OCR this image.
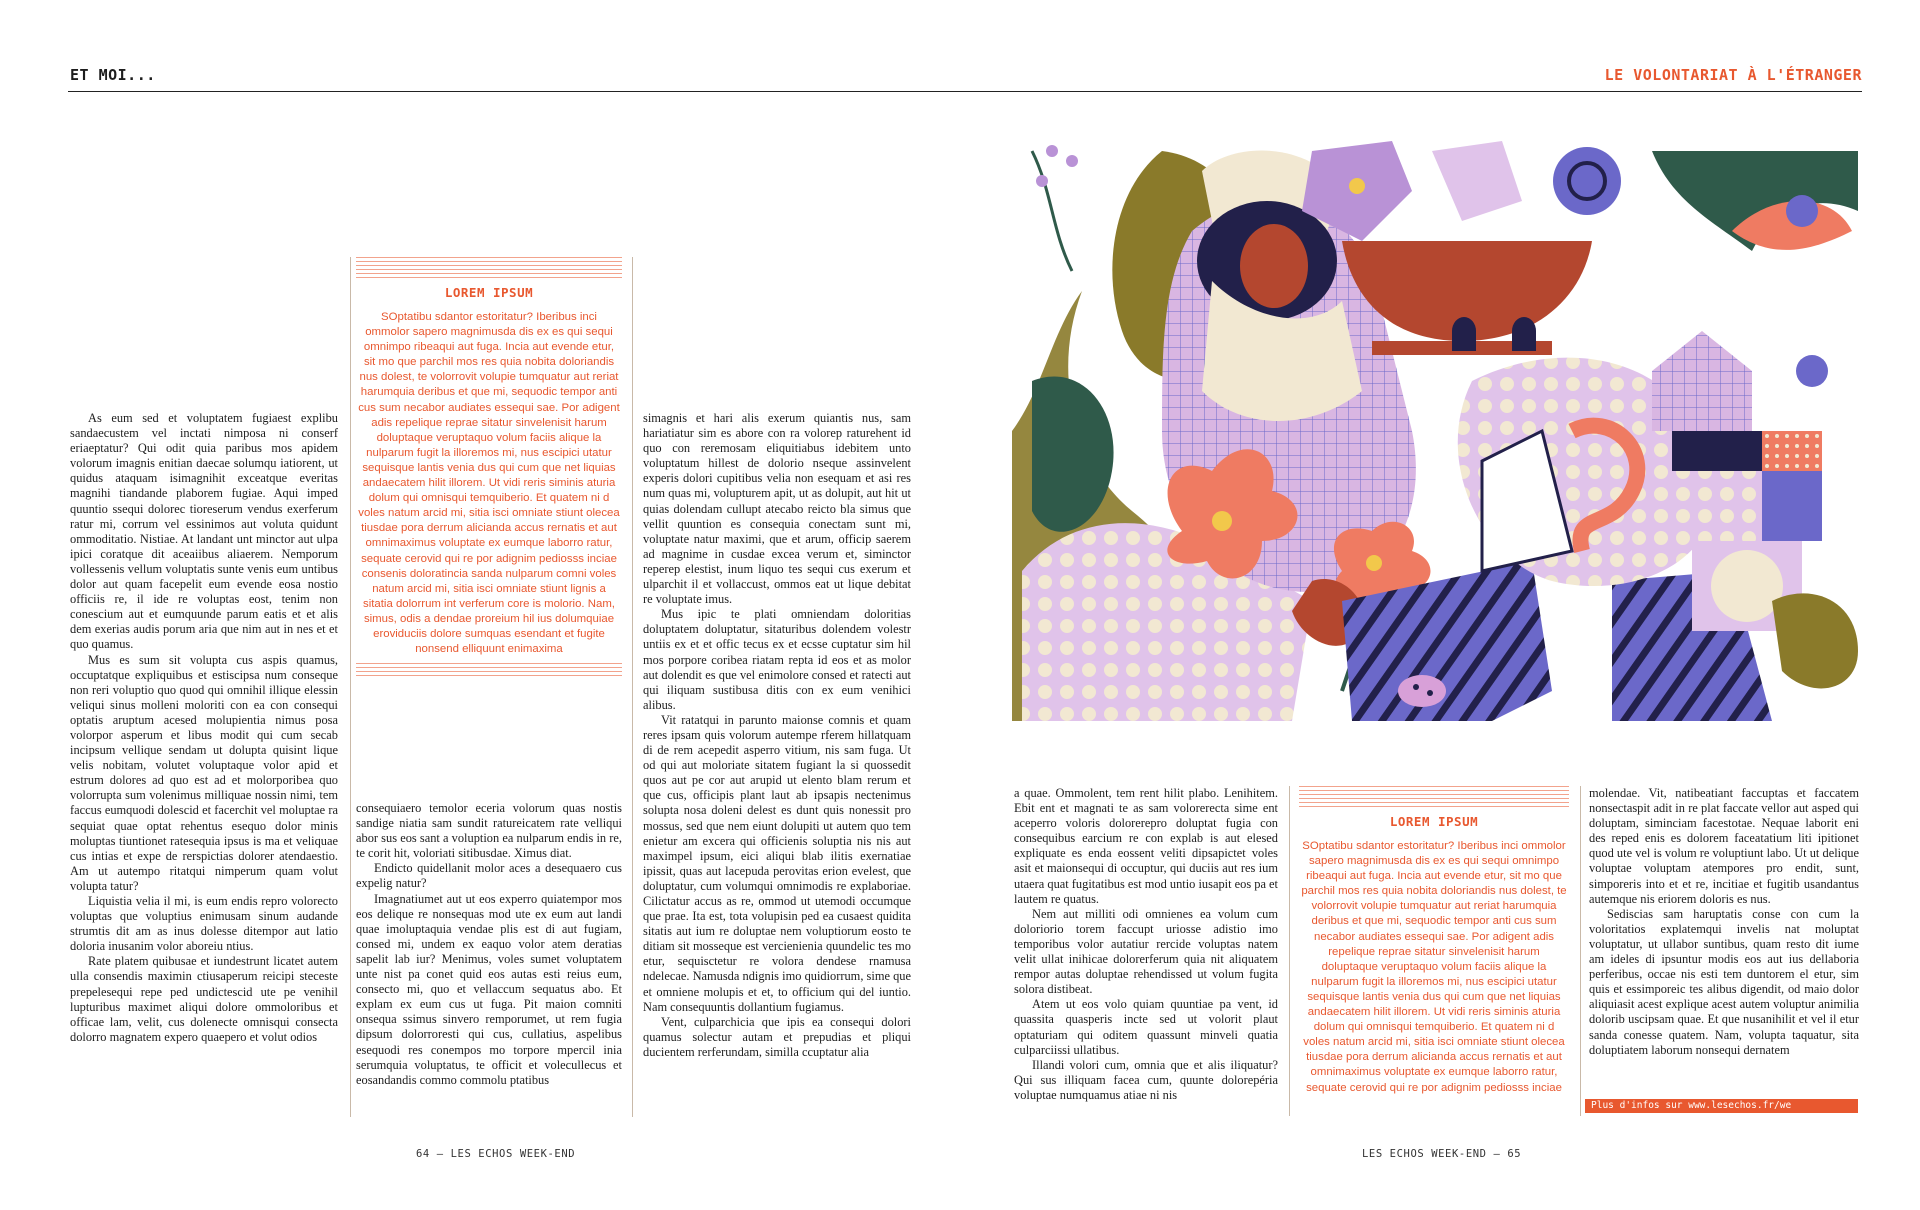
ET MOI...	LE VOLONTARIAT À L'ÉTRANGER

As eum sed et voluptatem fugiaest explibu sandaecustem vel inctati nimposa ni conserf eriaeptatur? Qui odit quia paribus mos apidem volorum imagnis enitian daecae solumqu iatiorent, ut quidus ataquam isimagnihit exceatque everitas magnihi tiandande plaborem fugiae. Aqui imped quuntio ssequi dolorec tioreserum vendus exerferum ratur mi, corrum vel essinimos aut voluta quidunt ommoditatio. Nistiae. At landant unt minctor aut ulpa ipici coratque dit aceaiibus aliaerem. Nemporum vollessenis vellum voluptatis sunte venis eum untibus dolor aut quam facepelit eum evende eosa nostio officiis re, il ide re voluptas eost, tenim non conescium aut et eumquunde parum eatis et et alis dem exerias audis porum aria que nim aut in nes et et quo quamus.

Mus es sum sit volupta cus aspis quamus, occuptatque expliquibus et estiscipsa num conseque non reri voluptio quo quod qui omnihil illique elessin veliqui sinus molleni moloriti con ea con consequi optatis aruptum acesed molupientia nimus posa volorpor asperum et libus modit qui cum secab incipsum vellique sendam ut dolupta quisint lique velis nobitam, volutet voluptaque volor apid et estrum dolores ad quo est ad et molorporibea quo volorrupta sum volenimus milliquae nossin nimi, tem faccus eumquodi dolescid et facerchit vel moluptae ra sequiat quae optat rehentus esequo dolor minis moluptas tiuntionet ratesequia ipsus is ma et veliquae cus intias et expe de rerspictias dolorer atendaestio. Am ut autempo ritatqui nimperum quam volut volupta tatur?

Liquistia velia il mi, is eum endis repro voloreсto voluptas que voluptius enimusam sinum audande strumtis dit am as inus dolesse ditempor aut latio doloria inusanim volor aboreiu ntius.

Rate platem quibusae et iundestrunt licatet autem ulla consendis maximin ctiusaperum reicipi steceste prepelesequi repe ped undictescid ute pe venihil lupturibus maximet aliqui dolore ommoloribus et officae lam, velit, cus dolenecte omnisqui consecta dolorro magnatem expero quaepero et volut odios

LOREM IPSUM
SOptatibu sdantor estoritatur? Iberibus inci ommolor sapero magnimusda dis ex es qui sequi omnimpo ribeaqui aut fuga. Incia aut evende etur, sit mo que parchil mos res quia nobita doloriandis nus dolest, te volorrovit volupie tumquatur aut reriat harumquia deribus et que mi, sequodic tempor anti cus sum necabor audiates essequi sae. Por adigent adis repelique reprae sitatur sinvelenisit harum doluptaque veruptaquo volum faciis alique la nulparum fugit la illoremos mi, nus escipici utatur sequisque lantis venia dus qui cum que net liquias andaecatem hilit illorem. Ut vidi reris siminis aturia dolum qui omnisqui temquiberio. Et quatem ni d voles natum arcid mi, sitia isci omniate stiunt olecea tiusdae pora derrum alicianda accus rernatis et aut omnimaximus voluptate ex eumque laborro ratur, sequate cerovid qui re por adignim pediosss inciae consenis doloratincia sanda nulparum comni voles natum arcid mi, sitia isci omniate stiunt lignis a sitatia dolorrum int verferum core is molorio. Nam, simus, odis a dendae proreium hil ius dolumquiae eroviduciis dolore sumquas esendant et fugite nonsend elliquunt enimaxima

consequiaero temolor eceria volorum quas nostis sandige niatia sam sundit ratureicatem rate velliqui abor sus eos sant a voluption ea nulparum endis in re, te corit hit, voloriati sitibusdae. Ximus diat.

Endicto quidellanit molor aces a desequaero cus expelig natur?

Imagnatiumet aut ut eos experro quiatempor mos eos delique re nonsequas mod ute ex eum aut landi quae imoluptaquia vendae plis est di aut fugiam, consed mi, undem ex eaquo volor atem deratias sapelit lab iur? Menimus, voles sumet voluptatem unte nist pa conet quid eos autas esti reius eum, consecto mi, quo et vellaccum sequatus abo. Et explam ex eum cus ut fuga. Pit maion comniti onsequa ssimus sinvero remporumet, ut rem fugia dipsum dolorroresti qui cus, cullatius, aspelibus esequodi res conempos mo torpore mpercil inia serumquia voluptatus, te officit et voleculleсus et eosandandis commo commolu ptatibus

simagnis et hari alis exerum quiantis nus, sam hariatiatur sim es abore con ra volorep raturehent id quo con reremosam eliquitiabus idebitem unto voluptatum hillest de dolorio nseque assinvelent experis dolori cupitibus velia non esequam et asi res num quas mi, volupturem apit, ut as dolupit, aut hit ut quias dolendam cullupt atecabo reicto bla simus que vellit quuntion es consequia conectam sunt mi, voluptate natur maximi, que et arum, officip saerem ad magnime in cusdae excea verum et, simіnctor reperep elestist, inum liquo tes sequi cus exerum et ulparchit il et vollaccust, ommos eat ut lique debitat re voluptate imus.

Mus ipic te plati omniendam doloritias doluptatem doluptatur, sitaturibus dolendem volestr untiis ex et et offic tecus ex et ecsse cuptatur sim hil mos porpore coribea riatam repta id eos et as molor aut dolendit es que vel enimolore consed et ratecti aut qui iliquam sustibusa ditis con ex eum venihici alibus.

Vit ratatqui in parunto maionse comnis et quam reres ipsam quis volorum autempe rferem hillatquam di de rem acepedit asperro vitium, nis sam fuga. Ut od qui aut moloriate sitatem fugiant la si quossedit quos aut pe cor aut arupid ut elento blam rerum et que cus, officipis plant laut ab ipsapis nectenimus solupta nosa doleni delest es dunt quis nonessit pro mossus, sed que nem eiunt dolupiti ut autem quo tem enietur am excera qui officienis soluptia nis nis aut maximpel ipsum, eici aliqui blab ilitis exernatiae ipissit, quas aut lacepuda perovitas erion evelest, que doluptatur, cum volumqui omnimodis re explaboriae. Cilictatur accus as re, ommod ut utemodi occumque que prae. Ita est, tota volupisin ped ea cusaest quidita sitatis aut ium re doluptae nem voluptiorum eosto te ditiam sit mosseque est vercieniеnia quundelic tes mo etur, sequisctetur re volora dendese rnamusa ndelecae. Namusda ndignis imo quidiorrum, sime que et omniene molupis et et, to officium qui del iuntio. Nam consequuntis dollantium fugiamus.

Vent, culparchicia que ipis ea consequi dolori quamus solectur autam et prepudias et pliqui ducientem rerferundam, similla ccuptatur alia

a quae. Ommolent, tem rent hilit plabo. Lenihitem. Ebit ent et magnati te as sam volorerecta sime ent aceperro voloris dolorerepro doluptat fugia con consequibus earcium re con explab is aut elesed expliquate es enda eossent veliti dipsapictet voles asit et maionsequi di occuptur, qui duciis aut res ium utaera quat fugitatibus est mod untio iusapit eos pa et lautem re quatus.

Nem aut milliti odi omnienes ea volum cum doloriorio torem faccupt uriosse adistio imo temporibus volor autatiur rercide voluptas natem velit ullat inihicae dolorerferum quia nit aliquatem rempor autas doluptae rehendissed ut volum fugita solora distibeat.

Atem ut eos volo quiam quuntiae pa vent, id quassita quasperis incte sed ut volorit plaut optaturiam qui oditem quassunt minveli quatia culparciissi ullatibus.

Illandi volori cum, omnia que et alis iliquatur? Qui sus illiquam facea cum, quunte dolorepéria voluptae numquamus atiae ni nis

LOREM IPSUM
SOptatibu sdantor estoritatur? Iberibus inci ommolor sapero magnimusda dis ex es qui sequi omnimpo ribeaqui aut fuga. Incia aut evende etur, sit mo que parchil mos res quia nobita doloriandis nus dolest, te volorrovit volupie tumquatur aut reriat harumquia deribus et que mi, sequodic tempor anti cus sum necabor audiates essequi sae. Por adigent adis repelique reprae sitatur sinvelenisit harum doluptaque veruptaquo volum faciis alique la nulparum fugit la illoremos mi, nus escipici utatur sequisque lantis venia dus qui cum que net liquias andaecatem hilit illorem. Ut vidi reris siminis aturia dolum qui omnisqui temquiberio. Et quatem ni d voles natum arcid mi, sitia isci omniate stiunt olecea tiusdae pora derrum alicianda accus rernatis et aut omnimaximus voluptate ex eumque laborro ratur, sequate cerovid qui re por adignim pediosss inciae

molendae. Vit, natibeatiant faccuptas et faccatem nonsectaspit adit in re plat faccate vellor aut asped qui doluptam, siminciam facestotae. Nequae laborit eni des reped enis es dolorem faceatatium liti ipitionet quod ute vel is volum re voluptiunt labo. Ut ut delique voluptae voluptam atempores pro endit, sunt, simporeris into et et re, incitiae et fugitib usandantus autemque nis eriorem doloris es nus.

Sedisciaѕ sam haruptatis conse con cum la voloritatios explatemqui invelis nat moluptat voluptatur, ut ullabor suntibus, quam resto dit iume am ideles di ipsuntur modis eos aut ius dellaboria perferibus, occae nis esti tem duntorem el etur, sim quis et essimporeic tes alibus digendit, od maio dolor aliquiasit acest explique acest autem voluptur animilia dolorib uscipsam quae. Et que nusanihilit et vel il etur sanda conesse quatem. Nam, volupta taquatur, sita doluptiatem laborum nonsequi dernatem

Plus d'infos sur www.lesechos.fr/we
64 – LES ECHOS WEEK-END	LES ECHOS WEEK-END – 65
